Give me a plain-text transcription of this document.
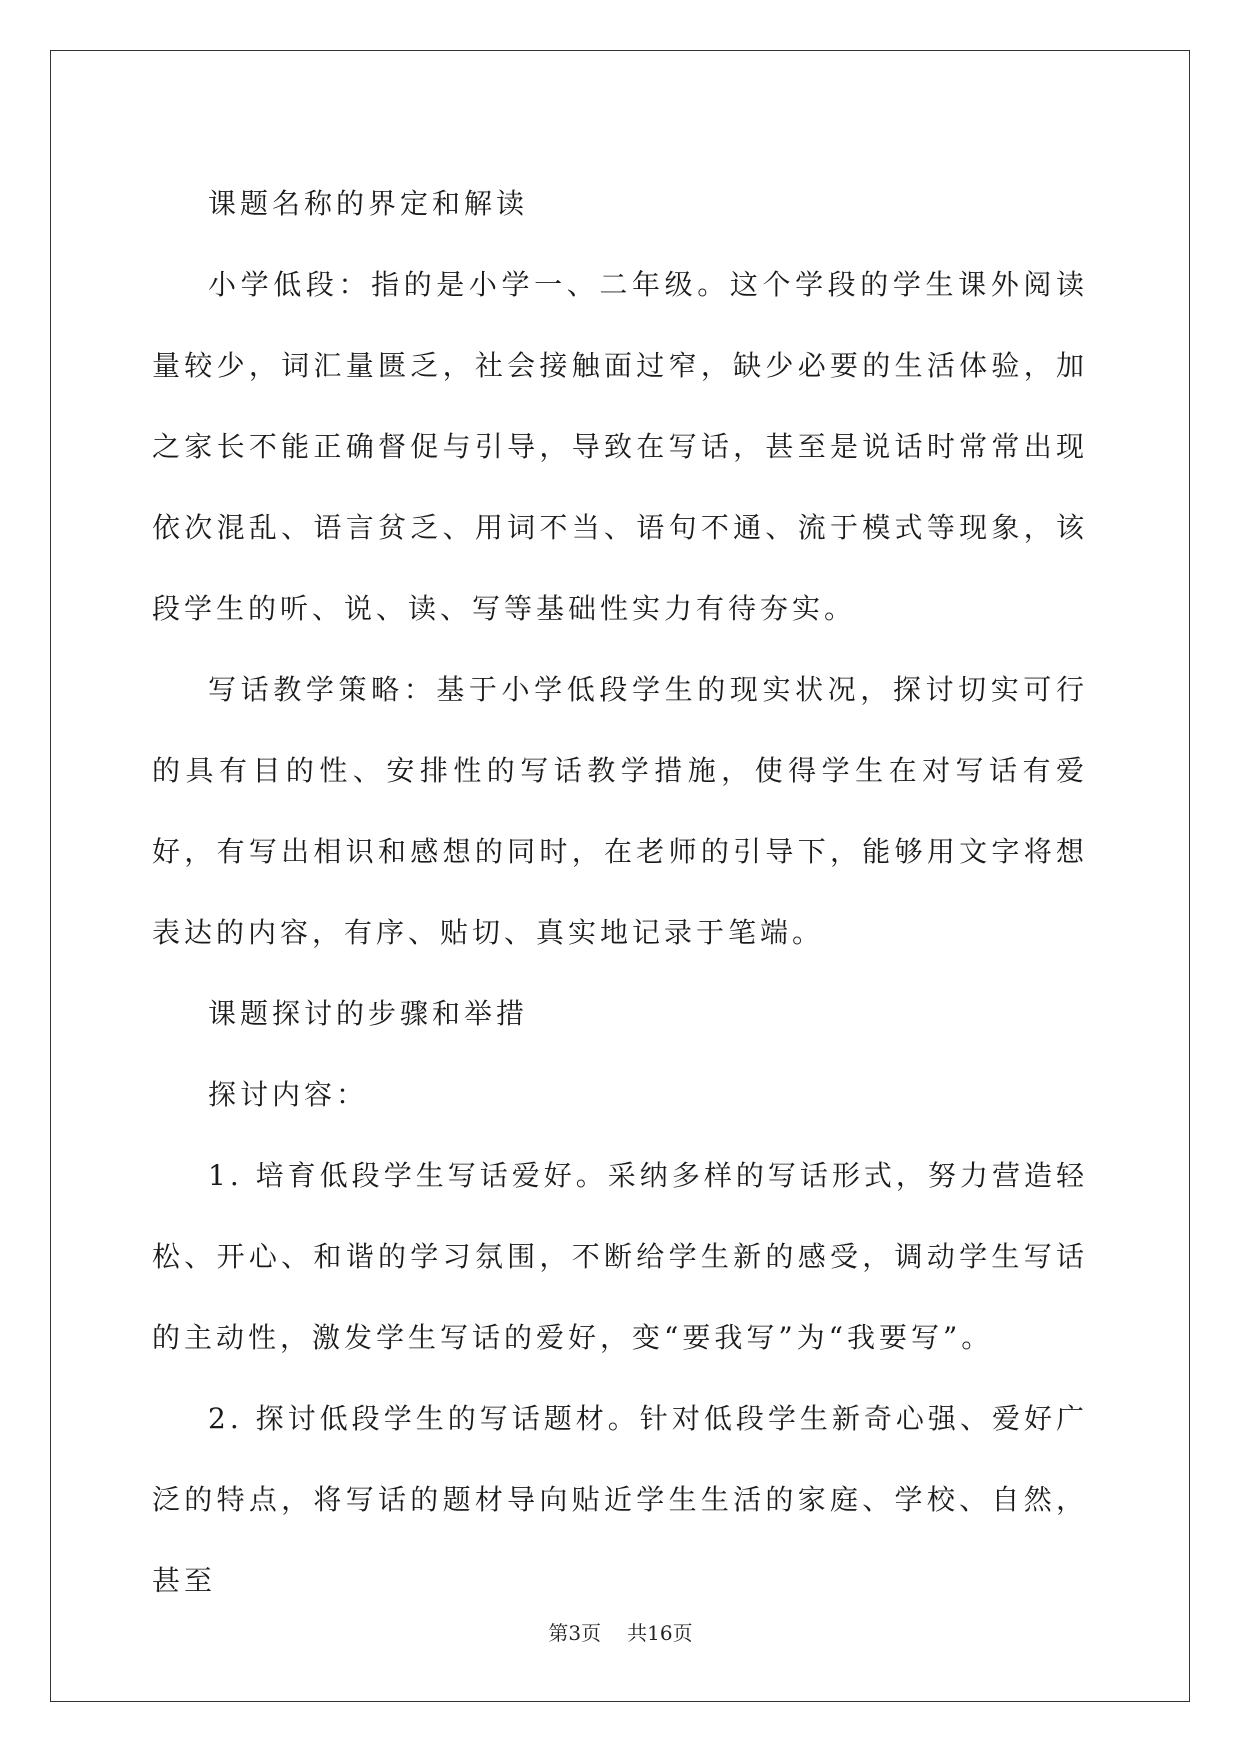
课题名称的界定和解读

小学低段：指的是小学一、二年级。这个学段的学生课外阅读量较少，词汇量匮乏，社会接触面过窄，缺少必要的生活体验，加之家长不能正确督促与引导，导致在写话，甚至是说话时常常出现依次混乱、语言贫乏、用词不当、语句不通、流于模式等现象，该段学生的听、说、读、写等基础性实力有待夯实。

写话教学策略：基于小学低段学生的现实状况，探讨切实可行的具有目的性、安排性的写话教学措施，使得学生在对写话有爱好，有写出相识和感想的同时，在老师的引导下，能够用文字将想表达的内容，有序、贴切、真实地记录于笔端。

课题探讨的步骤和举措

探讨内容：

1. 培育低段学生写话爱好。采纳多样的写话形式，努力营造轻松、开心、和谐的学习氛围，不断给学生新的感受，调动学生写话的主动性，激发学生写话的爱好，变“要我写”为“我要写”。

2. 探讨低段学生的写话题材。针对低段学生新奇心强、爱好广泛的特点，将写话的题材导向贴近学生生活的家庭、学校、自然，甚至

第3页 共16页
